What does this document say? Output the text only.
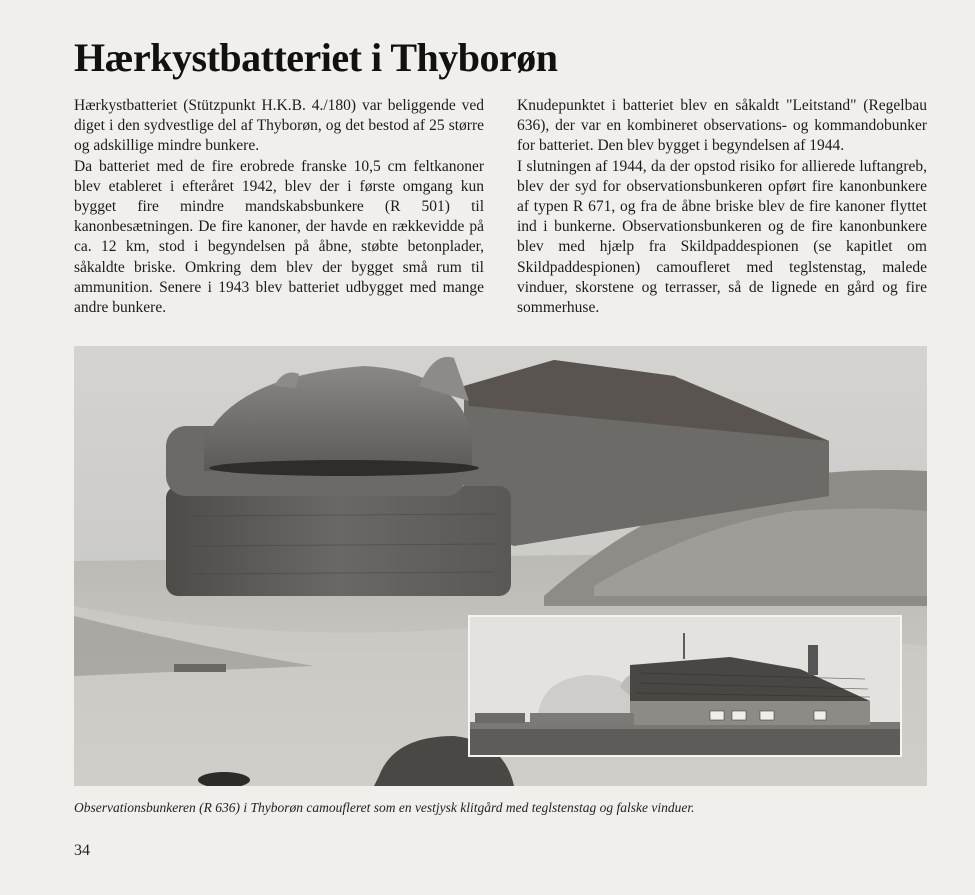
Hærkystbatteriet i Thyborøn

Hærkystbatteriet (Stützpunkt H.K.B. 4./180) var beliggende ved diget i den sydvestlige del af Thyborøn, og det bestod af 25 større og adskillige mindre bunkere.

Da batteriet med de fire erobrede franske 10,5 cm feltkanoner blev etableret i efteråret 1942, blev der i første omgang kun bygget fire mindre mandskabsbunkere (R 501) til kanonbesætningen. De fire kanoner, der havde en rækkevidde på ca. 12 km, stod i begyndelsen på åbne, støbte betonplader, såkaldte briske. Omkring dem blev der bygget små rum til ammunition. Senere i 1943 blev batteriet udbygget med mange andre bunkere.

Knudepunktet i batteriet blev en såkaldt "Leitstand" (Regelbau 636), der var en kombineret observations- og kommandobunker for batteriet. Den blev bygget i begyndelsen af 1944.

I slutningen af 1944, da der opstod risiko for allierede luftangreb, blev der syd for observationsbunkeren opført fire kanonbunkere af typen R 671, og fra de åbne briske blev de fire kanoner flyttet ind i bunkerne. Observationsbunkeren og de fire kanonbunkere blev med hjælp fra Skildpaddespionen (se kapitlet om Skildpaddespionen) camoufleret med teglstenstag, malede vinduer, skorstene og terrasser, så de lignede en gård og fire sommerhuse.

Observationsbunkeren (R 636) i Thyborøn camoufleret som en vestjysk klitgård med teglstenstag og falske vinduer.

34
